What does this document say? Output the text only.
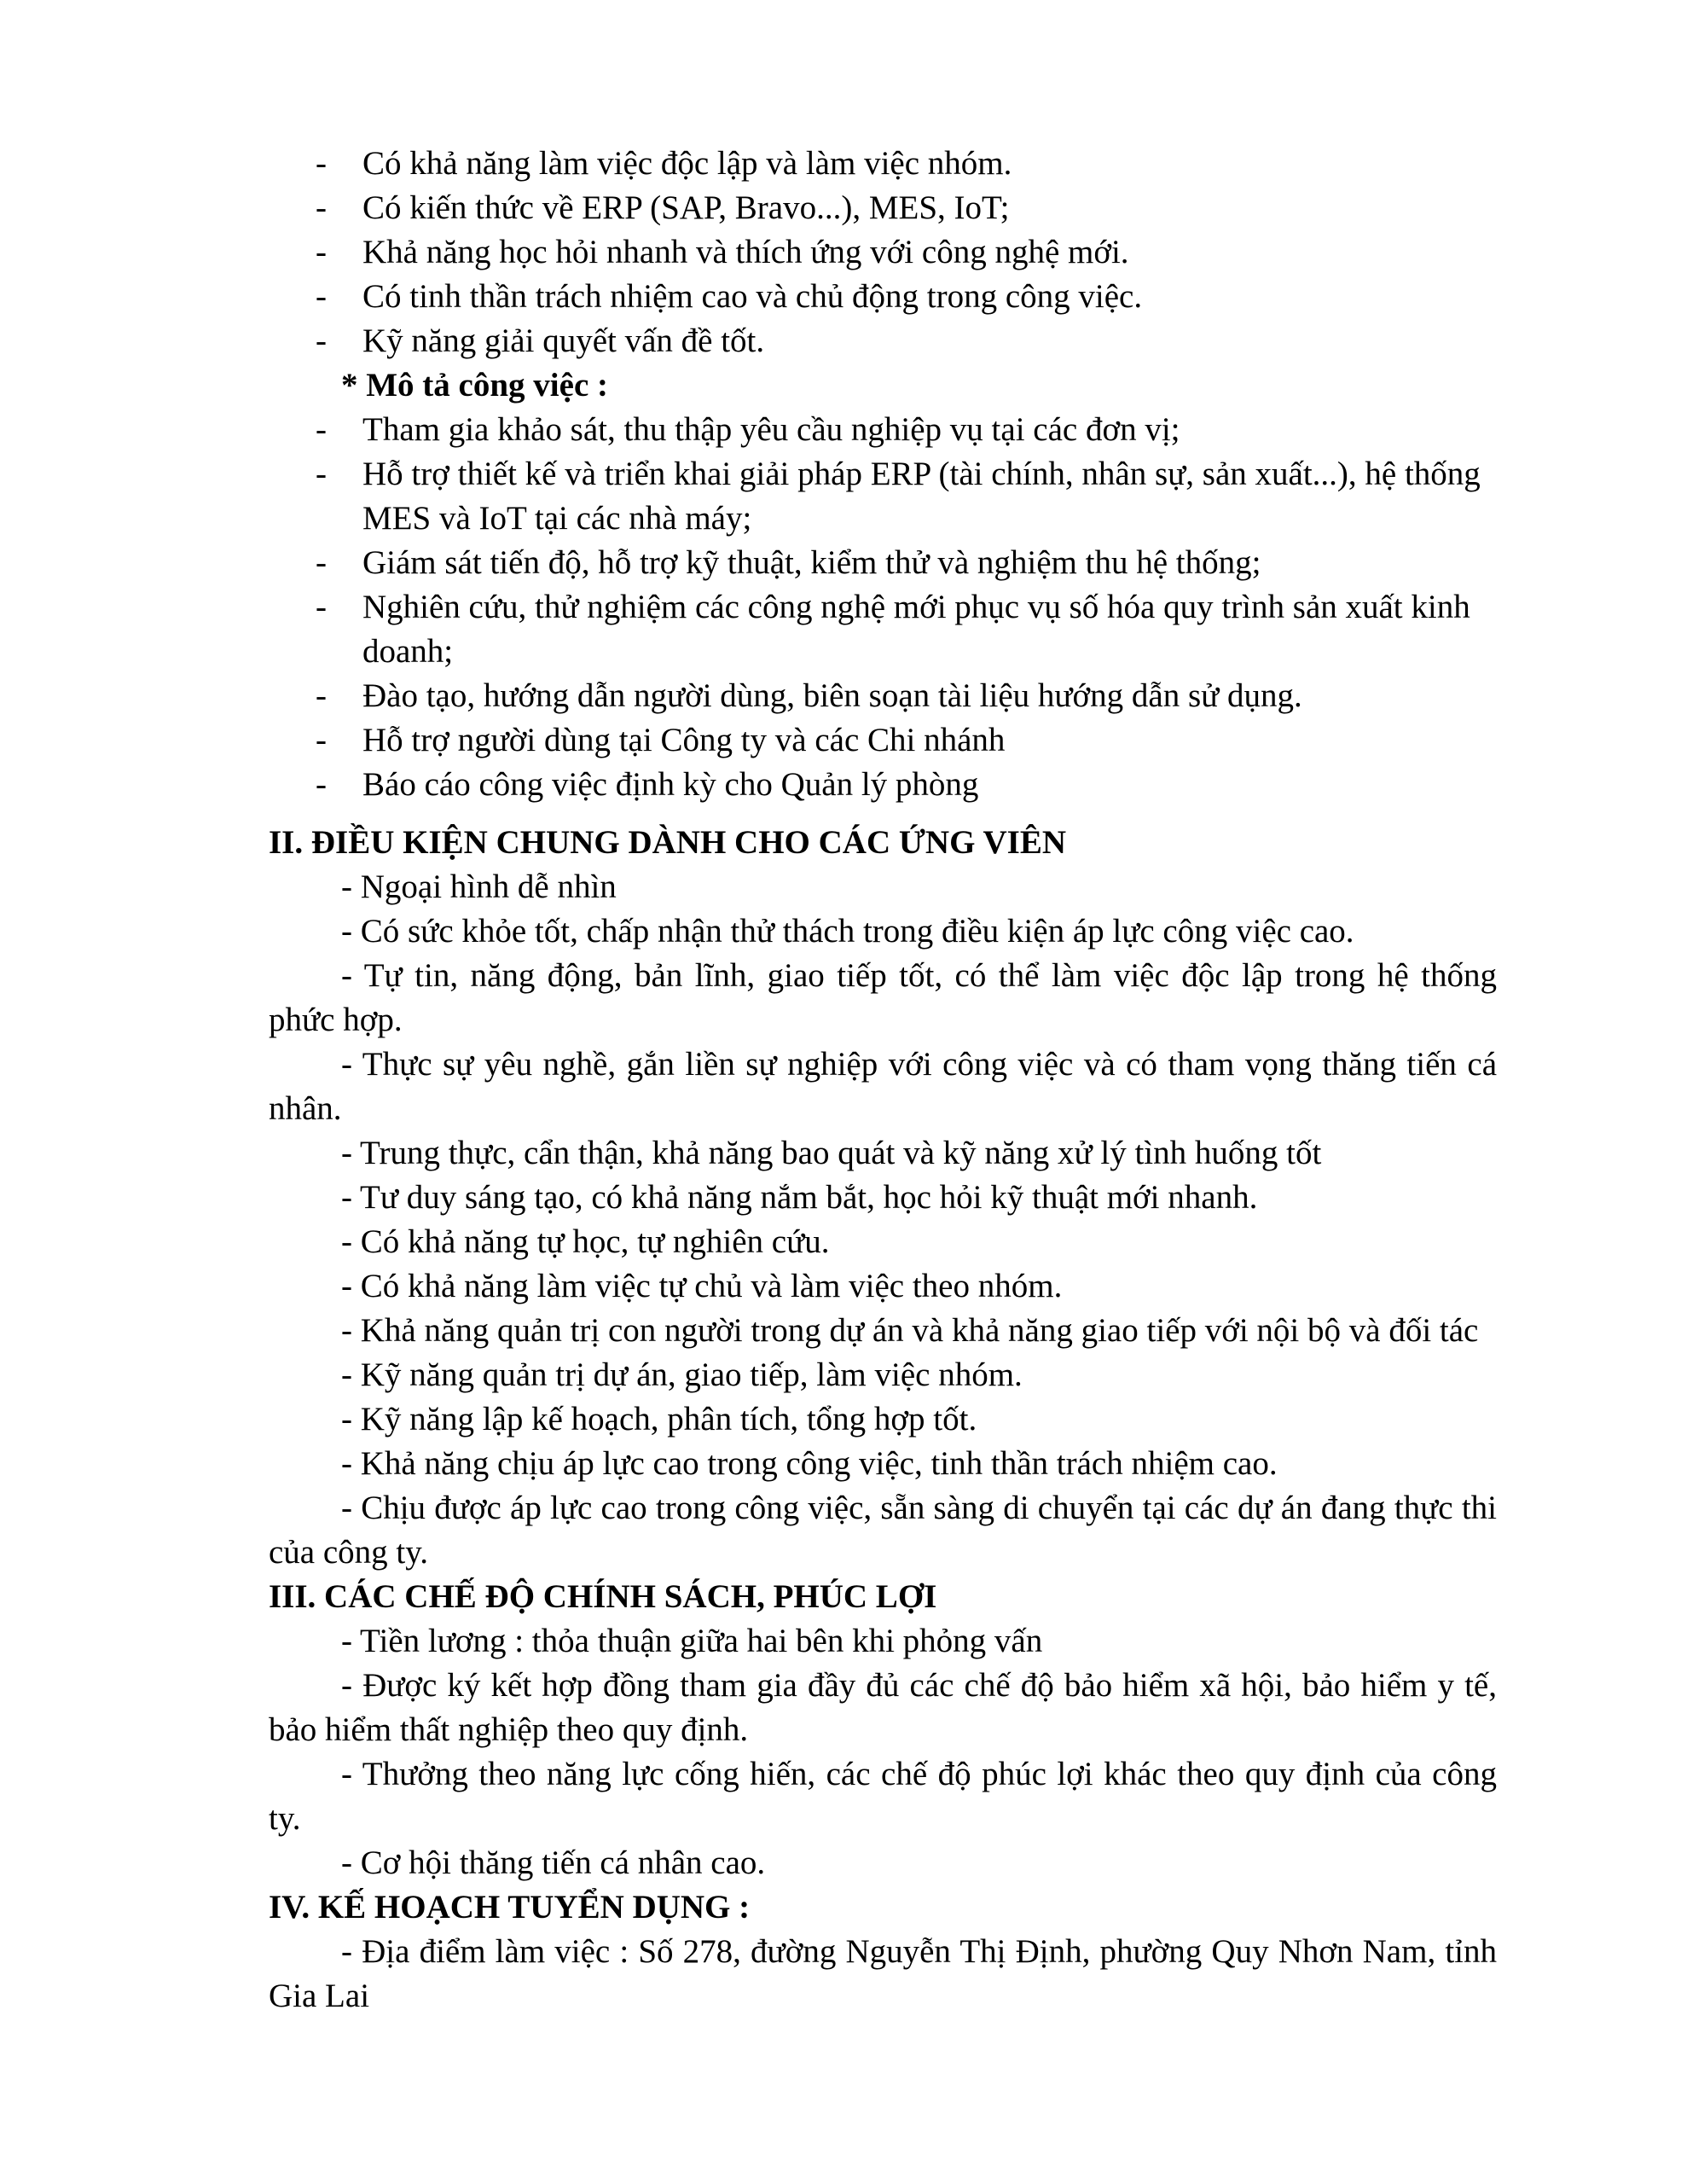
- Có khả năng làm việc độc lập và làm việc nhóm.
- Có kiến thức về ERP (SAP, Bravo...), MES, IoT;
- Khả năng học hỏi nhanh và thích ứng với công nghệ mới.
- Có tinh thần trách nhiệm cao và chủ động trong công việc.
- Kỹ năng giải quyết vấn đề tốt.
* Mô tả công việc :
- Tham gia khảo sát, thu thập yêu cầu nghiệp vụ tại các đơn vị;
- Hỗ trợ thiết kế và triển khai giải pháp ERP (tài chính, nhân sự, sản xuất...), hệ thống MES và IoT tại các nhà máy;
- Giám sát tiến độ, hỗ trợ kỹ thuật, kiểm thử và nghiệm thu hệ thống;
- Nghiên cứu, thử nghiệm các công nghệ mới phục vụ số hóa quy trình sản xuất kinh doanh;
- Đào tạo, hướng dẫn người dùng, biên soạn tài liệu hướng dẫn sử dụng.
- Hỗ trợ người dùng tại Công ty và các Chi nhánh
- Báo cáo công việc định kỳ cho Quản lý phòng
II. ĐIỀU KIỆN CHUNG DÀNH CHO CÁC ỨNG VIÊN
- Ngoại hình dễ nhìn
- Có sức khỏe tốt, chấp nhận thử thách trong điều kiện áp lực công việc cao.
- Tự tin, năng động, bản lĩnh, giao tiếp tốt, có thể làm việc độc lập trong hệ thống phức hợp.
- Thực sự yêu nghề, gắn liền sự nghiệp với công việc và có tham vọng thăng tiến cá nhân.
- Trung thực, cẩn thận, khả năng bao quát và kỹ năng xử lý tình huống tốt
- Tư duy sáng tạo, có khả năng nắm bắt, học hỏi kỹ thuật mới nhanh.
- Có khả năng tự học, tự nghiên cứu.
- Có khả năng làm việc tự chủ và làm việc theo nhóm.
- Khả năng quản trị con người trong dự án và khả năng giao tiếp với nội bộ và đối tác
- Kỹ năng quản trị dự án, giao tiếp, làm việc nhóm.
- Kỹ năng lập kế hoạch, phân tích, tổng hợp tốt.
- Khả năng chịu áp lực cao trong công việc, tinh thần trách nhiệm cao.
- Chịu được áp lực cao trong công việc, sẵn sàng di chuyển tại các dự án đang thực thi của công ty.
III. CÁC CHẾ ĐỘ CHÍNH SÁCH, PHÚC LỢI
- Tiền lương : thỏa thuận giữa hai bên khi phỏng vấn
- Được ký kết hợp đồng tham gia đầy đủ các chế độ bảo hiểm xã hội, bảo hiểm y tế, bảo hiểm thất nghiệp theo quy định.
- Thưởng theo năng lực cống hiến, các chế độ phúc lợi khác theo quy định của công ty.
- Cơ hội thăng tiến cá nhân cao.
IV. KẾ HOẠCH TUYỂN DỤNG :
- Địa điểm làm việc : Số 278, đường Nguyễn Thị Định, phường Quy Nhơn Nam, tỉnh Gia Lai
